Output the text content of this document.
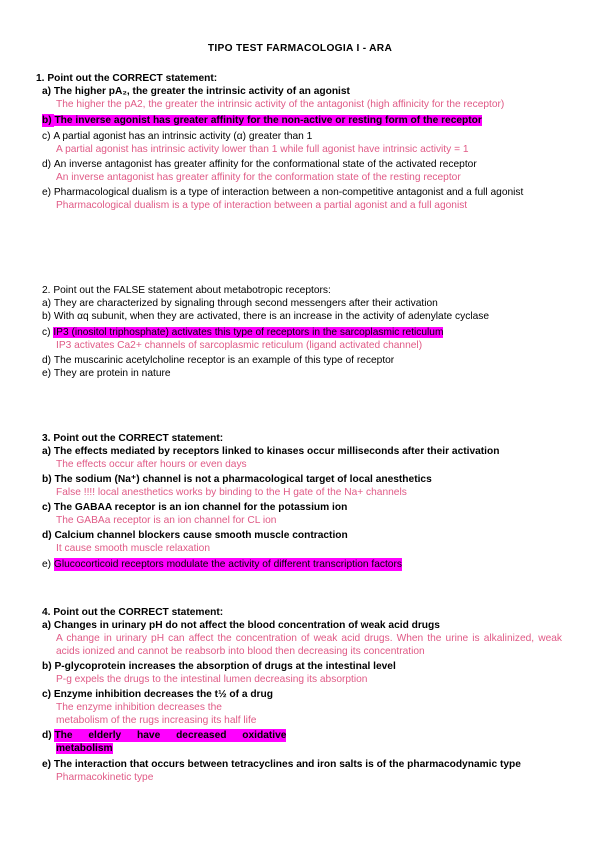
TIPO TEST FARMACOLOGIA I - ARA
1. Point out the CORRECT statement:
a) The higher pA₂, the greater the intrinsic activity of an agonist
The higher the pA2, the greater the intrinsic activity of the antagonist (high affinicity for the receptor)
b) The inverse agonist has greater affinity for the non-active or resting form of the receptor
c) A partial agonist has an intrinsic activity (α) greater than 1
A partial agonist has intrinsic activity lower than 1 while full agonist have intrinsic activity = 1
d) An inverse antagonist has greater affinity for the conformational state of the activated receptor
An inverse antagonist has greater affinity for the conformation state of the resting receptor
e) Pharmacological dualism is a type of interaction between a non-competitive antagonist and a full agonist
Pharmacological dualism is a type of interaction between a partial agonist and a full agonist
2. Point out the FALSE statement about metabotropic receptors:
a) They are characterized by signaling through second messengers after their activation
b) With αq subunit, when they are activated, there is an increase in the activity of adenylate cyclase
c) IP3 (inositol triphosphate) activates this type of receptors in the sarcoplasmic reticulum
IP3 activates Ca2+ channels of sarcoplasmic reticulum (ligand activated channel)
d) The muscarinic acetylcholine receptor is an example of this type of receptor
e) They are protein in nature
3. Point out the CORRECT statement:
a) The effects mediated by receptors linked to kinases occur milliseconds after their activation
The effects occur after hours or even days
b) The sodium (Na⁺) channel is not a pharmacological target of local anesthetics
False !!!! local anesthetics works by binding to the H gate of the Na+ channels
c) The GABAA receptor is an ion channel for the potassium ion
The GABAa receptor is an ion channel for CL ion
d) Calcium channel blockers cause smooth muscle contraction
It cause smooth muscle relaxation
e) Glucocorticoid receptors modulate the activity of different transcription factors
4. Point out the CORRECT statement:
a) Changes in urinary pH do not affect the blood concentration of weak acid drugs
A change in urinary pH can affect the concentration of weak acid drugs. When the urine is alkalinized, weak acids ionized and cannot be reabsorb into blood then decreasing its concentration
b) P-glycoprotein increases the absorption of drugs at the intestinal level
P-g expels the drugs to the intestinal lumen decreasing its absorption
c) Enzyme inhibition decreases the t½ of a drug
The enzyme inhibition decreases the
metabolism of the rugs increasing its half life
d) The elderly have decreased oxidative
metabolism
e) The interaction that occurs between tetracyclines and iron salts is of the pharmacodynamic type
Pharmacokinetic type
